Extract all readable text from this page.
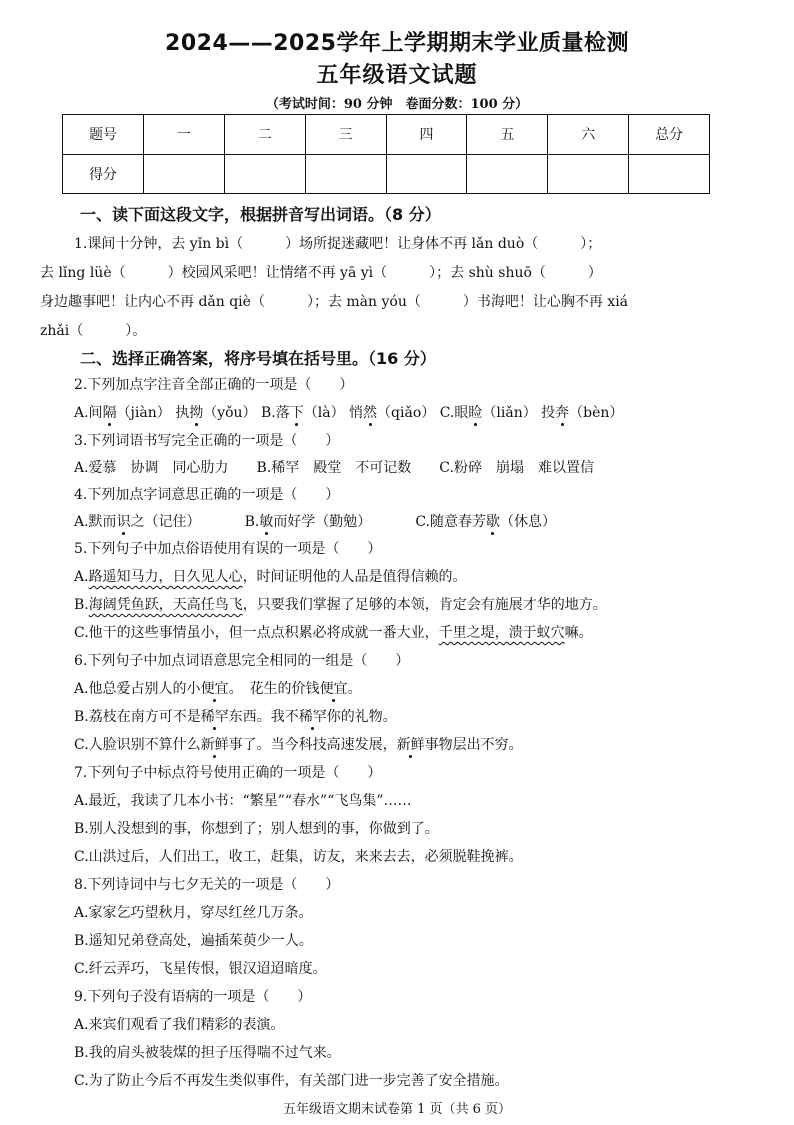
2024——2025学年上学期期末学业质量检测
五年级语文试题
（考试时间：90 分钟　卷面分数：100 分）
题号	一	二	三	四	五	六	总分
得分							
一、读下面这段文字，根据拼音写出词语。（8 分）
1.课间十分钟，去 yǐn bì（　　　）场所捉迷藏吧！让身体不再 lǎn duò（　　　）；
去 lǐng lüè（　　　）校园风采吧！让情绪不再 yā yì（　　　）；去 shù shuō（　　　）
身边趣事吧！让内心不再 dǎn qiè（　　　）；去 màn yóu（　　　）书海吧！让心胸不再 xiá
zhǎi（　　　）。
二、选择正确答案，将序号填在括号里。（16 分）
2.下列加点字注音全部正确的一项是（　　）
A.间隔（jiàn） 执拗（yǒu） B.落下（là） 悄然（qiǎo） C.眼睑（liǎn） 投奔（bèn）
3.下列词语书写完全正确的一项是（　　）
A.爱慕　协调　同心肋力　　B.稀罕　殿堂　不可记数　　C.粉碎　崩塌　难以置信
4.下列加点字词意思正确的一项是（　　）
A.默而识之（记住）	B.敏而好学（勤勉）	C.随意春芳歇（休息）
5.下列句子中加点俗语使用有误的一项是（　　）
A.路遥知马力，日久见人心，时间证明他的人品是值得信赖的。
B.海阔凭鱼跃，天高任鸟飞，只要我们掌握了足够的本领，肯定会有施展才华的地方。
C.他干的这些事情虽小，但一点点积累必将成就一番大业，千里之堤，溃于蚁穴嘛。
6.下列句子中加点词语意思完全相同的一组是（　　）
A.他总爱占别人的小便宜。　花生的价钱便宜。
B.荔枝在南方可不是稀罕东西。我不稀罕你的礼物。
C.人脸识别不算什么新鲜事了。当今科技高速发展，新鲜事物层出不穷。
7.下列句子中标点符号使用正确的一项是（　　）
A.最近，我读了几本小书：“繁星”“春水”“飞鸟集”……
B.别人没想到的事，你想到了；别人想到的事，你做到了。
C.山洪过后，人们出工，收工，赶集，访友，来来去去，必须脱鞋挽裤。
8.下列诗词中与七夕无关的一项是（　　）
A.家家乞巧望秋月，穿尽红丝几万条。
B.遥知兄弟登高处，遍插茱萸少一人。
C.纤云弄巧，飞星传恨，银汉迢迢暗度。
9.下列句子没有语病的一项是（　　）
A.来宾们观看了我们精彩的表演。
B.我的肩头被装煤的担子压得喘不过气来。
C.为了防止今后不再发生类似事件，有关部门进一步完善了安全措施。
五年级语文期末试卷第 1 页（共 6 页）
